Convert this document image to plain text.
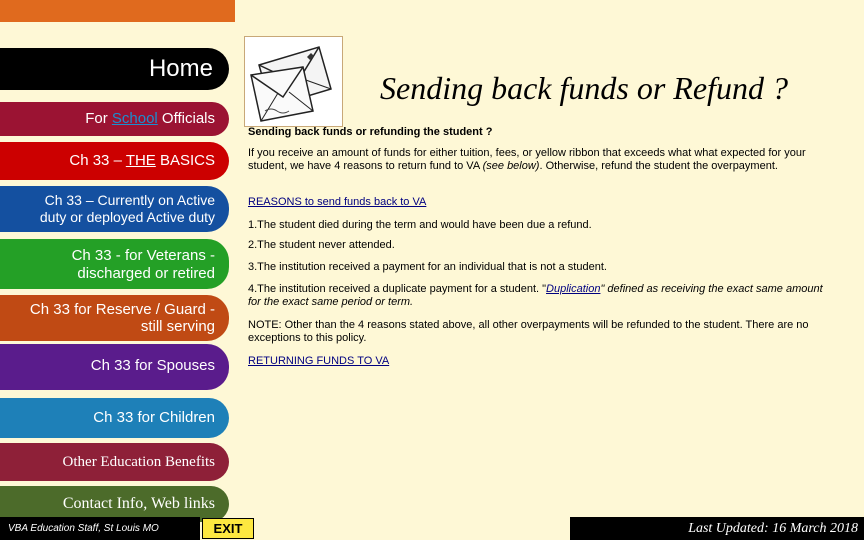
Home
For School Officials
Ch 33 – THE BASICS
Ch 33 – Currently on Active
duty or deployed Active duty
Ch 33 - for Veterans -
discharged or retired
Ch 33 for Reserve / Guard -
still serving
Ch 33 for Spouses
Ch 33 for Children
Other Education Benefits
Contact Info, Web links
Sending back funds or Refund ?
Sending back funds or refunding the student ?
If you receive an amount of funds for either tuition, fees, or yellow ribbon that exceeds what what expected for your student, we have 4 reasons to return fund to VA (see below). Otherwise, refund the student the overpayment.
REASONS to send funds back to VA
1.The student died during the term and would have been due a refund.
2.The student never attended.
3.The institution received a payment for an individual that is not a student.
4.The institution received a duplicate payment for a student. "Duplication" defined as receiving the exact same amount for the exact same period or term.
NOTE: Other than the 4 reasons stated above, all other overpayments will be refunded to the student. There are no exceptions to this policy.
RETURNING FUNDS TO VA
VBA Education Staff, St Louis MO	EXIT	Last Updated: 16 March 2018
